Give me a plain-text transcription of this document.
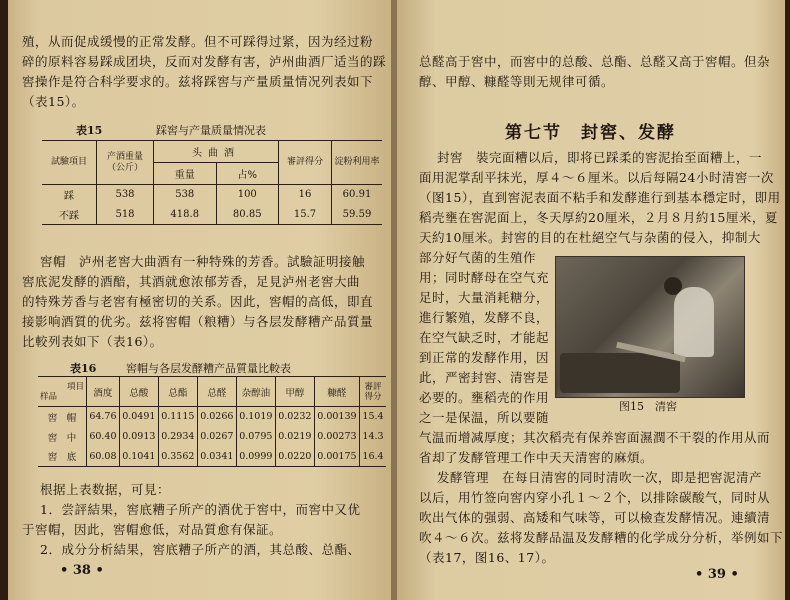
殖，从而促成缓慢的正常发酵。但不可踩得过紧，因为经过粉
碎的原料容易踩成团块，反而对发酵有害，泸州曲酒厂适当的踩
窖操作是符合科学要求的。兹将踩窖与产量质量情况列表如下
（表15）。
表15	踩窖与产量质量情况表
試驗項目	产酒重量（公斤）	头曲酒		審評得分	淀粉利用率
		重量	占%		
踩	538	538	100	16	60.91
不踩	518	418.8	80.85	15.7	59.59
窖帽　泸州老窖大曲酒有一种特殊的芳香。試驗証明接触
窖底泥发酵的酒醅，其酒就愈浓郁芳香，足見泸州老窖大曲
的特殊芳香与老窖有極密切的关系。因此，窖帽的高低，即直
接影响酒質的优劣。兹将窖帽（粮糟）与各层发酵糟产品質量
比較列表如下（表16）。
表16	窖帽与各层发酵糟产品質量比較表
項目
样品	酒度	总酸	总酯	总醛	杂醇油	甲醇	糠醛	審評得分
窖　帽	64.76	0.0491	0.1115	0.0266	0.1019	0.0232	0.00139	15.4
窖　中	60.40	0.0913	0.2934	0.0267	0.0795	0.0219	0.00273	14.3
窖　底	60.08	0.1041	0.3562	0.0341	0.0999	0.0220	0.00175	16.4
根据上表数据，可見：
1．尝評結果，窖底糟子所产的酒优于窖中，而窖中又优
于窖帽，因此，窖帽愈低，对品質愈有保証。
2．成分分析結果，窖底糟子所产的酒，其总酸、总酯、
• 38 •
总醛高于窖中，而窖中的总酸、总酯、总醛又高于窖帽。但杂
醇、甲醇、糠醛等則无规律可循。
第七节　封窖、发酵
封窖　裝完面糟以后，即将已踩柔的窖泥抬至面糟上，一
面用泥掌刮平抹光，厚４～６厘米。以后每隔24小时清窖一次
（图15），直到窖泥表面不粘手和发酵進行到基本穩定时，即用
稻壳壅在窖泥面上，冬天厚約20厘米，２月８月約15厘米，夏
天約10厘米。封窖的目的在杜絕空气与杂菌的侵入，抑制大
部分好气菌的生殖作
用；同时酵母在空气充
足时，大量消耗糖分，
進行繁殖，发酵不良，
在空气缺乏时，才能起
到正常的发酵作用，因
此，严密封窖、清窖是
必要的。壅稻壳的作用
之一是保温，所以要随
图15　清窖
气温而增减厚度；其次稻壳有保养窖面濕潤不干裂的作用从而
省却了发酵管理工作中天天清窖的麻煩。
发酵管理　在每日清窖的同时清吹一次，即是把窖泥清产
以后，用竹签向窖内穿小孔１～２个，以排除碳酸气，同时从
吹出气体的强弱、高矮和气味等，可以檢查发酵情况。連續清
吹４～６次。兹将发酵品温及发酵糟的化学成分分析，举例如下
（表17，图16、17）。
• 39 •
